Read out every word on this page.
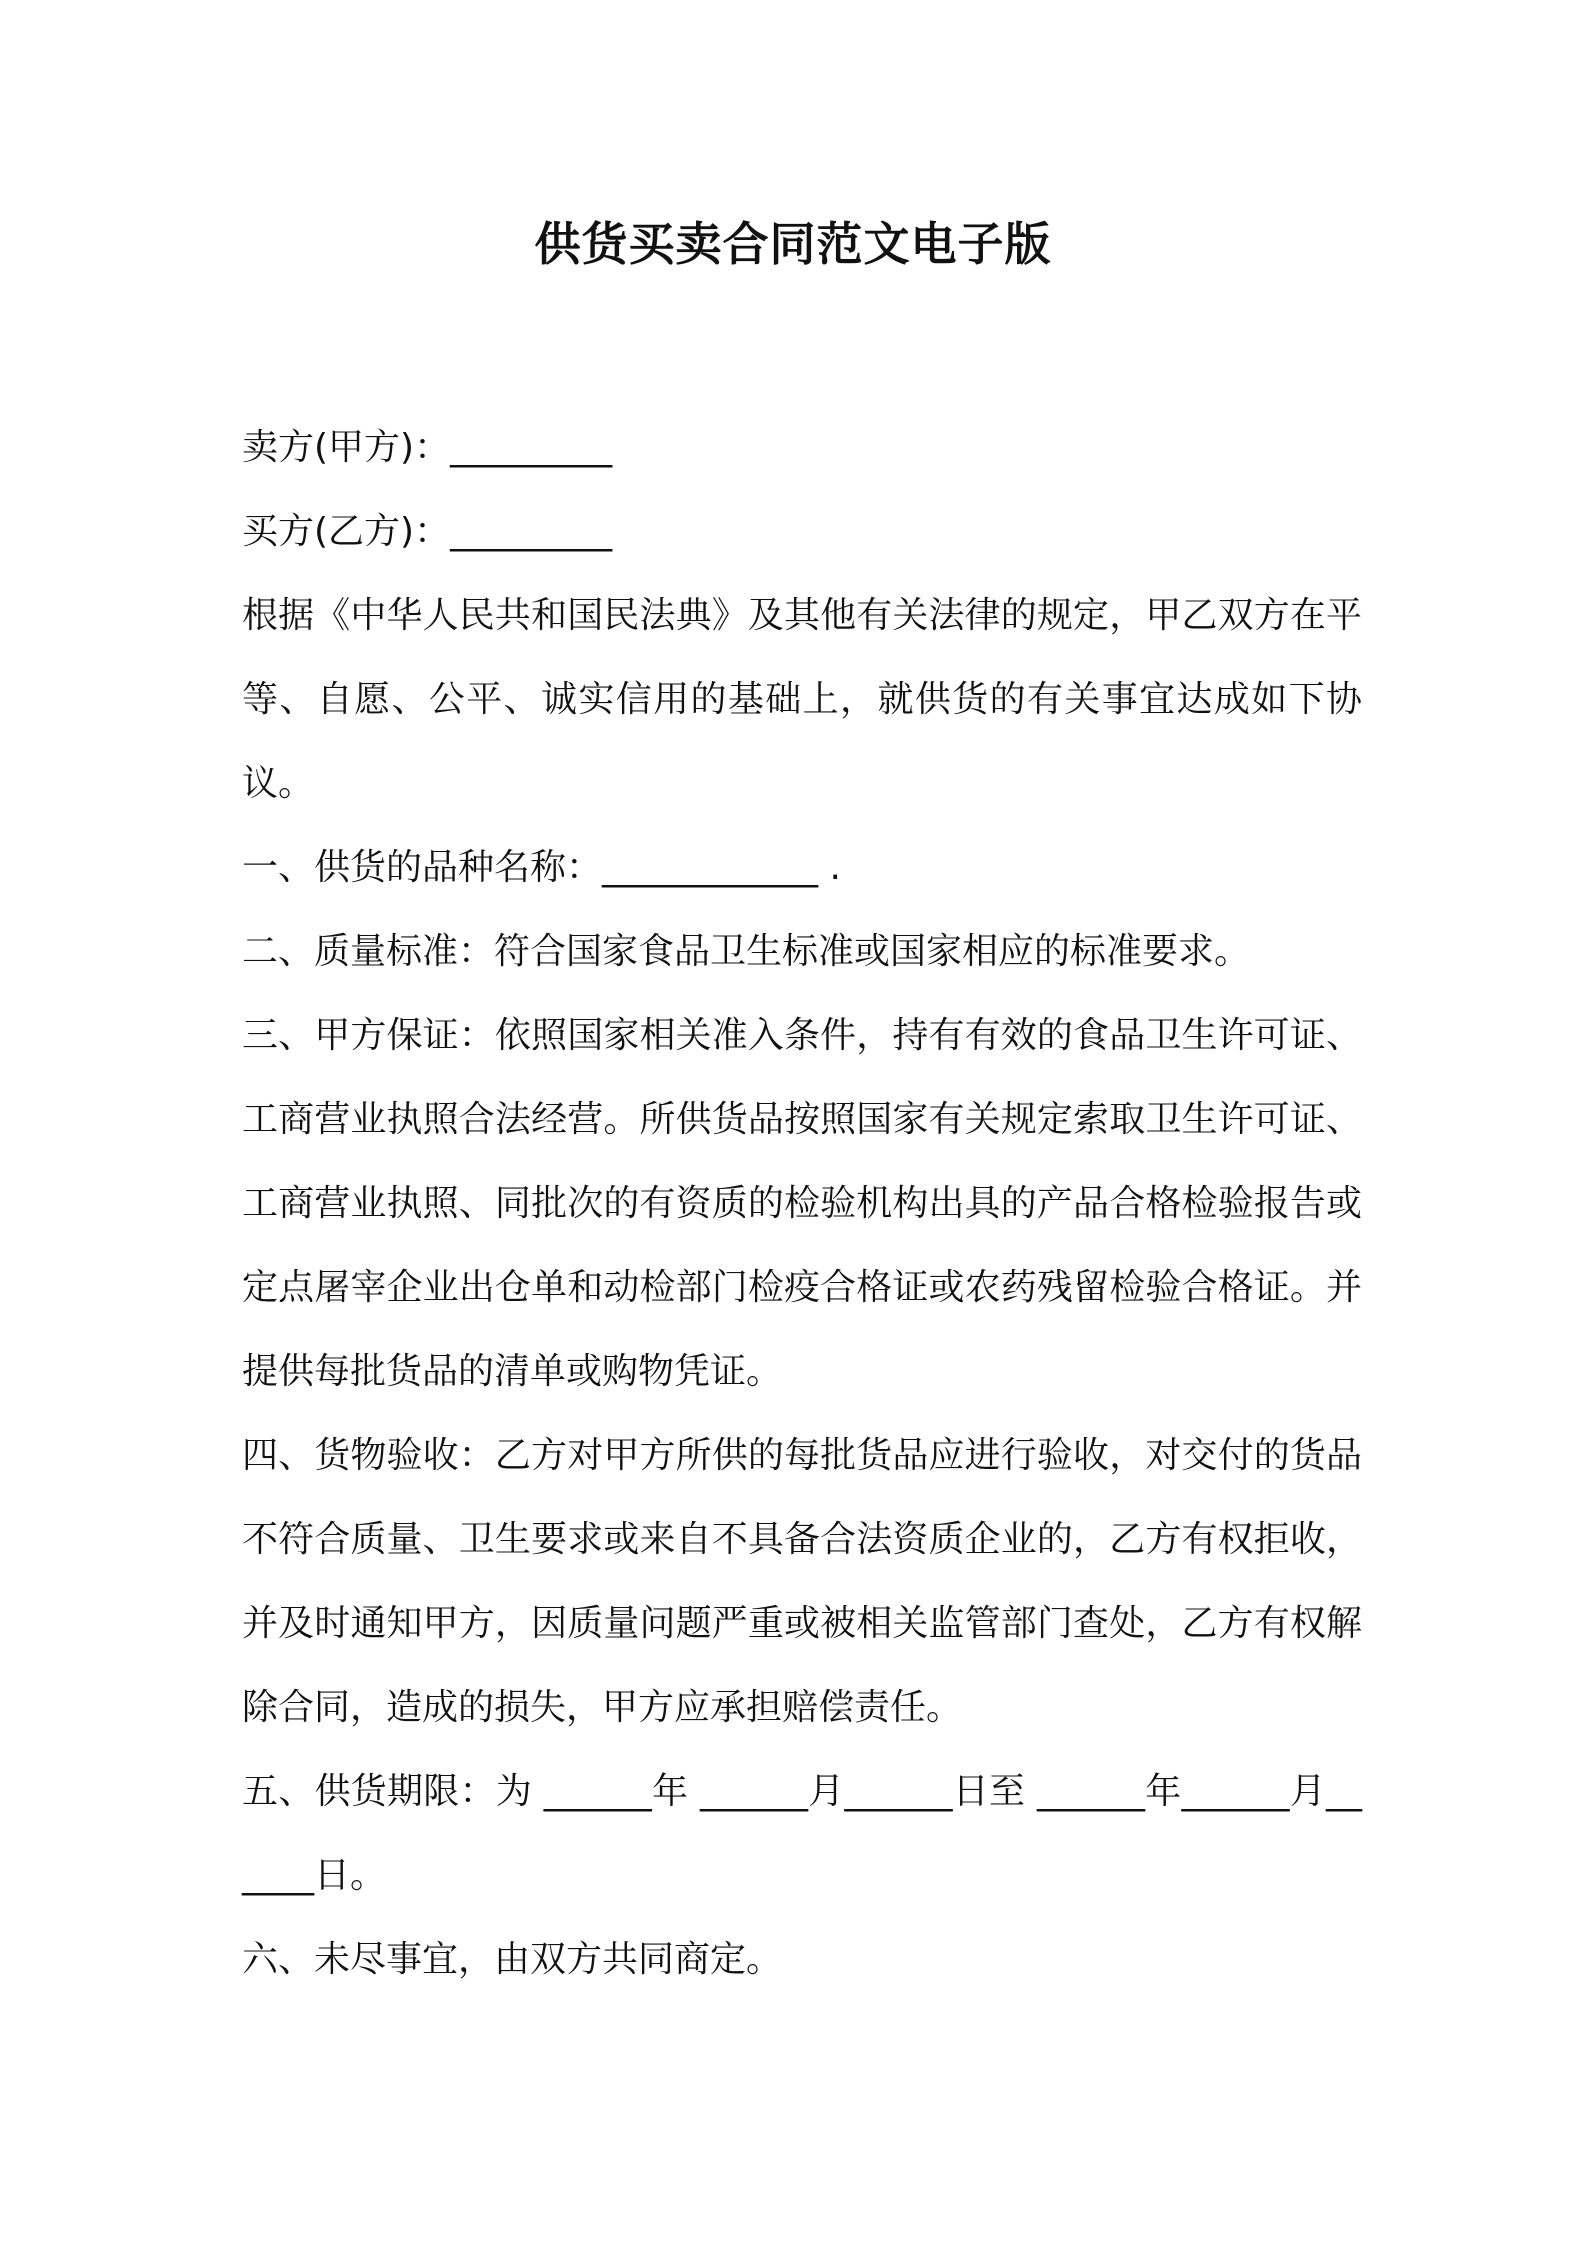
供货买卖合同范文电子版

卖方(甲方)：_________

买方(乙方)：_________

根据《中华人民共和国民法典》及其他有关法律的规定，甲乙双方在平等、自愿、公平、诚实信用的基础上，就供货的有关事宜达成如下协议。

一、供货的品种名称：____________ .

二、质量标准：符合国家食品卫生标准或国家相应的标准要求。

三、甲方保证：依照国家相关准入条件，持有有效的食品卫生许可证、工商营业执照合法经营。所供货品按照国家有关规定索取卫生许可证、工商营业执照、同批次的有资质的检验机构出具的产品合格检验报告或定点屠宰企业出仓单和动检部门检疫合格证或农药残留检验合格证。并提供每批货品的清单或购物凭证。

四、货物验收：乙方对甲方所供的每批货品应进行验收，对交付的货品不符合质量、卫生要求或来自不具备合法资质企业的，乙方有权拒收，并及时通知甲方，因质量问题严重或被相关监管部门查处，乙方有权解除合同，造成的损失，甲方应承担赔偿责任。

五、供货期限：为 ______年 ______月______日至 ______年______月______日。

六、未尽事宜，由双方共同商定。
